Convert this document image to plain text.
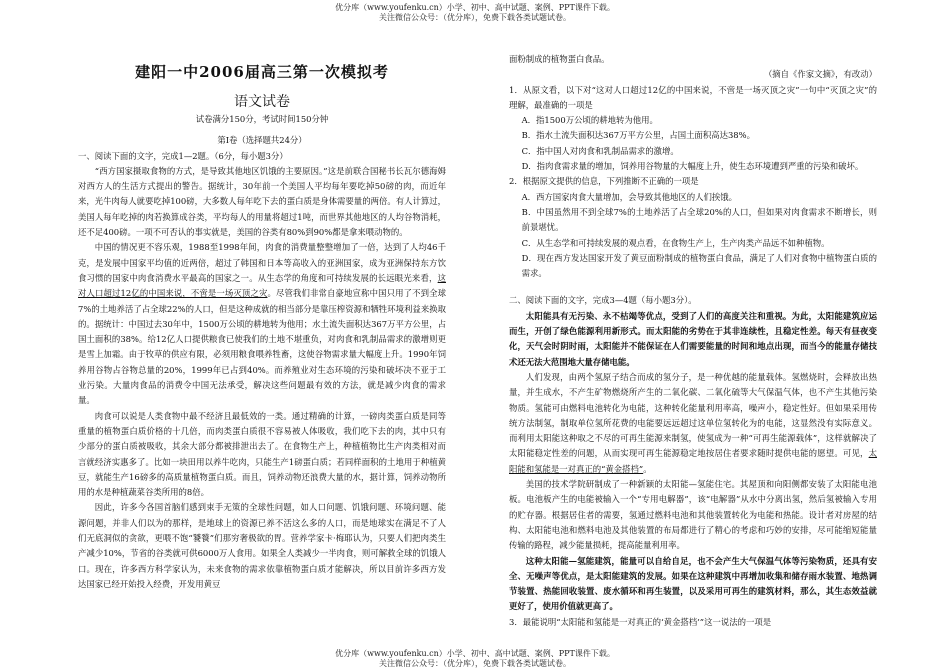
优分库（www.youfenku.cn）小学、初中、高中试题、案例、PPT课件下载。
关注微信公众号：（优分库），免费下载各类试题试卷。
建阳一中2006届高三第一次模拟考
语文试卷

试卷满分150分，考试时间150分钟

第Ⅰ卷（选择题共24分）

一、阅读下面的文字，完成1—2题。（6分，每小题3分）

“西方国家摄取食物的方式，是导致其他地区饥饿的主要原因。”这是前联合国秘书长瓦尔德海姆对西方人的生活方式提出的警告。据统计，30年前一个美国人平均每年要吃掉50磅的肉，而近年来，光牛肉每人就要吃掉100磅，大多数人每年吃下去的蛋白质是身体需要量的两倍。有人计算过，美国人每年吃掉的肉若换算成谷类，平均每人的用量将超过1吨，而世界其他地区的人均谷物消耗，还不足400磅。一项不可否认的事实就是，美国的谷类有80%到90%都是拿来喂动物的。

中国的情况更不容乐观，1988至1998年间，肉食的消费量整整增加了一倍，达到了人均46千克，是发展中国家平均值的近两倍，超过了韩国和日本等高收入的亚洲国家，成为亚洲保持东方饮食习惯的国家中肉食消费水平最高的国家之一。从生态学的角度和可持续发展的长远眼光来看，这对人口超过12亿的中国来说，不啻是一场灭顶之灾。尽管我们非常自豪地宣称中国只用了不到全球7%的土地养活了占全球22%的人口，但是这种成就的相当部分是靠压榨资源和牺牲环境利益来换取的。据统计：中国过去30年中，1500万公顷的耕地转为他用；水土流失面积达367万平方公里，占国土面积的38%。给12亿人口提供粮食已使我们的土地不堪重负，对肉食和乳制品需求的激增则更是雪上加霜。由于牧草的供应有限，必须用粮食喂养牲畜，这使谷物需求量大幅度上升。1990年饲养用谷物占谷物总量的20%，1999年已占到40%。而养殖业对生态环境的污染和破坏决不亚于工业污染。大量肉食品的消费令中国无法承受，解决这些问题最有效的方法，就是减少肉食的需求量。

肉食可以说是人类食物中最不经济且最低效的一类。通过精确的计算，一磅肉类蛋白质是同等重量的植物蛋白质价格的十几倍，而肉类蛋白质很不容易被人体吸收，我们吃下去的肉，其中只有少部分的蛋白质被吸收，其余大部分都被排泄出去了。在食物生产上，种植植物比生产肉类相对而言就经济实惠多了。比如一块田用以养牛吃肉，只能生产1磅蛋白质；若同样面积的土地用于种植黄豆，就能生产16磅多的高质量植物蛋白质。而且，饲养动物还浪费大量的水，据计算，饲养动物所用的水是种植蔬菜谷类所用的8倍。

因此，许多今各国首脑们感到束手无策的全球性问题，如人口问题、饥饿问题、环境问题、能源问题，并非人们以为的那样，是地球上的资源已养不活这么多的人口，而是地球实在满足不了人们无底洞似的贪欲，更喂不饱“饕餮”们那穷奢极欲的胃。营养学家卡·梅耶认为，只要人们把肉类生产减少10%，节省的谷类就可供6000万人食用。如果全人类减少一半肉食，则可解救全球的饥饿人口。现在，许多西方科学家认为，未来食物的需求依靠植物蛋白质才能解决，所以目前许多西方发达国家已经开始投入经费，开发用黄豆

面粉制成的植物蛋白食品。

（摘自《作家文摘》，有改动）

1．从原文看，以下对“这对人口超过12亿的中国来说，不啻是一场灭顶之灾”一句中“灭顶之灾”的理解，最准确的一项是

A．指1500万公顷的耕地转为他用。

B．指水土流失面积达367万平方公里，占国土面积高达38%。

C．指中国人对肉食和乳制品需求的激增。

D．指肉食需求量的增加，饲养用谷物量的大幅度上升，使生态环境遭到严重的污染和破坏。

2．根据原文提供的信息，下列推断不正确的一项是

A．西方国家肉食大量增加，会导致其他地区的人们挨饿。

B．中国虽然用不到全球7%的土地养活了占全球20%的人口，但如果对肉食需求不断增长，则前景堪忧。

C．从生态学和可持续发展的观点看，在食物生产上，生产肉类产品远不如种植物。

D．现在西方发达国家开发了黄豆面粉制成的植物蛋白食品，满足了人们对食物中植物蛋白质的需求。

二、阅读下面的文字，完成3—4题（每小题3分）。

太阳能具有无污染、永不枯竭等优点，受到了人们的高度关注和重视。为此，太阳能建筑应运而生，开创了绿色能源利用新形式。而太阳能的劣势在于其非连续性，且稳定性差。每天有昼夜变化，天气会时阴时雨，太阳能并不能保证在人们需要能量的时间和地点出现，而当今的能量存储技术还无法大范围地大量存储电能。

人们发现，由两个氢原子结合而成的氢分子，是一种优越的能量载体。氢燃烧时，会释放出热量，并生成水，不产生矿物燃烧所产生的二氧化碳、二氧化硫等大气保温气体，也不产生其他污染物质。氢能可由燃料电池转化为电能，这种转化能量利用率高，噪声小，稳定性好。但如果采用传统方法制氢，制取单位氢所花费的电能要远远超过这单位氢转化为的电能，这显然没有实际意义。而利用太阳能这种取之不尽的可再生能源来制氢，使氢成为一种“可再生能源载体”，这样就解决了太阳能稳定性差的问题，从而实现可再生能源稳定地按居住者要求随时提供电能的愿望。可见，太阳能和氢能是一对真正的“黄金搭档”。

美国的技术学院研制成了一种新颖的太阳能—氢能住宅。其屋顶和向阳侧都安装了太阳能电池板。电池板产生的电能被输入一个“专用电解器”，该“电解器”从水中分离出氢，然后氢被输入专用的贮存器。根据居住者的需要，氢通过燃料电池和其他装置转化为电能和热能。设计者对房屋的结构、太阳能电池和燃料电池及其他装置的布局都进行了精心的考虑和巧妙的安排，尽可能缩短能量传输的路程，减少能量损耗，提高能量利用率。

这种太阳能—氢能建筑，能量可以自给自足，也不会产生大气保温气体等污染物质，还具有安全、无噪声等优点，是太阳能建筑的发展。如果在这种建筑中再增加收集和储存雨水装置、地热调节装置、热能回收装置、废水循环和再生装置，以及采用可再生的建筑材料，那么，其生态效益就更好了，使用价值就更高了。

3．最能说明“太阳能和氢能是一对真正的‘黄金搭档’”这一说法的一项是

优分库（www.youfenku.cn）小学、初中、高中试题、案例、PPT课件下载。
关注微信公众号：（优分库），免费下载各类试题试卷。
